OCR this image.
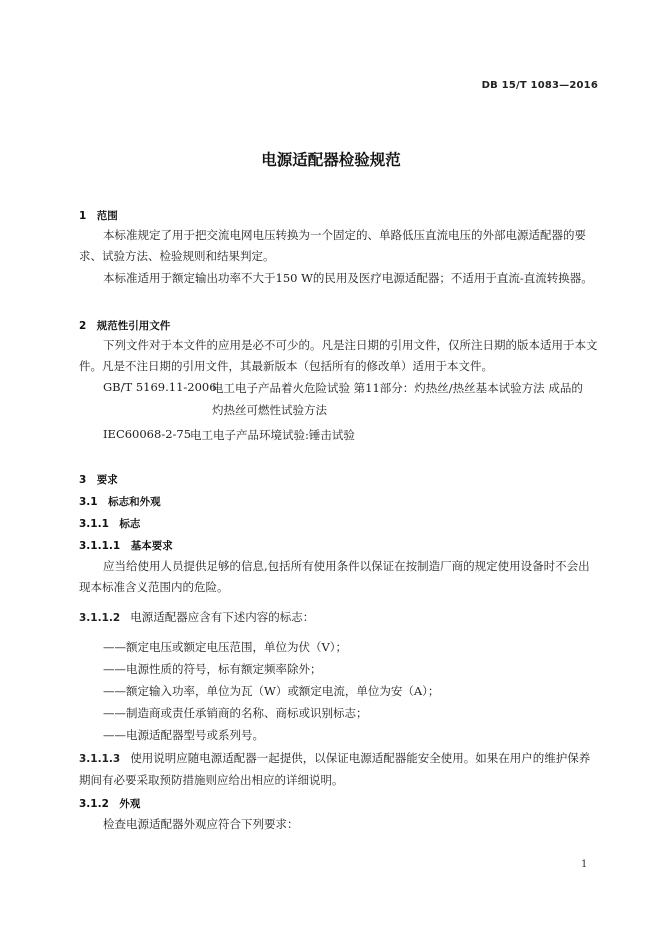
DB 15/T 1083—2016
电源适配器检验规范
1　范围
本标准规定了用于把交流电网电压转换为一个固定的、单路低压直流电压的外部电源适配器的要
求、试验方法、检验规则和结果判定。
本标准适用于额定输出功率不大于150 W的民用及医疗电源适配器；不适用于直流-直流转换器。
2　规范性引用文件
下列文件对于本文件的应用是必不可少的。凡是注日期的引用文件，仅所注日期的版本适用于本文
件。凡是不注日期的引用文件，其最新版本（包括所有的修改单）适用于本文件。
GB/T 5169.11-2006
电工电子产品着火危险试验 第11部分：灼热丝/热丝基本试验方法 成品的
灼热丝可燃性试验方法
IEC60068-2-75
电工电子产品环境试验:锤击试验
3　要求
3.1　标志和外观
3.1.1　标志
3.1.1.1　基本要求
应当给使用人员提供足够的信息,包括所有使用条件以保证在按制造厂商的规定使用设备时不会出
现本标准含义范围内的危险。
3.1.1.2 电源适配器应含有下述内容的标志：
——额定电压或额定电压范围，单位为伏（V）；
——电源性质的符号，标有额定频率除外；
——额定输入功率，单位为瓦（W）或额定电流，单位为安（A）；
——制造商或责任承销商的名称、商标或识别标志；
——电源适配器型号或系列号。
3.1.1.3 使用说明应随电源适配器一起提供，以保证电源适配器能安全使用。如果在用户的维护保养
期间有必要采取预防措施则应给出相应的详细说明。
3.1.2　外观
检查电源适配器外观应符合下列要求：
1
